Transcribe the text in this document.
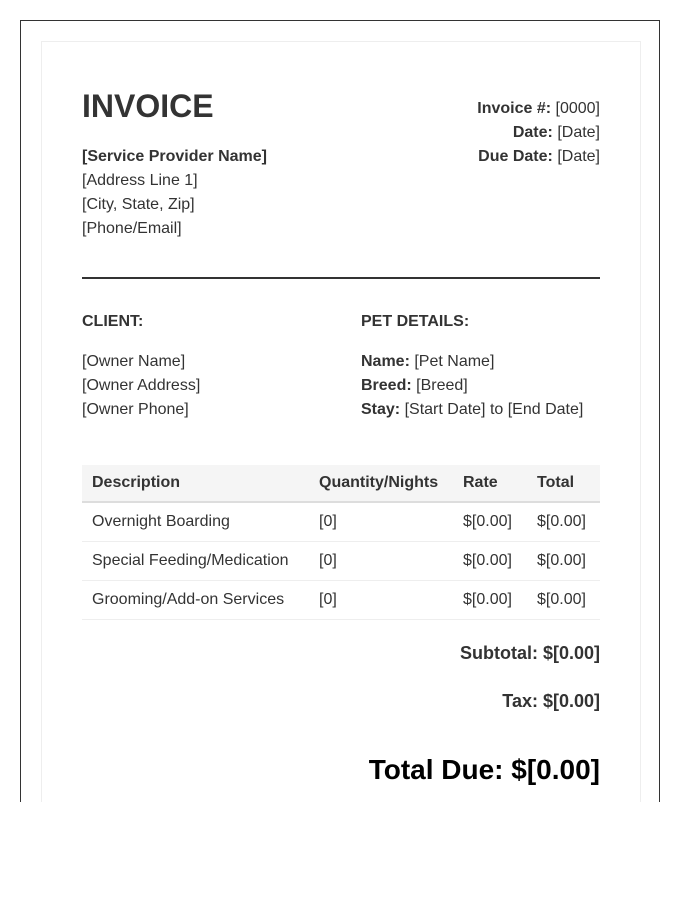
INVOICE
[Service Provider Name]
[Address Line 1]
[City, State, Zip]
[Phone/Email]
Invoice #: [0000]
Date: [Date]
Due Date: [Date]
CLIENT:
[Owner Name]
[Owner Address]
[Owner Phone]
PET DETAILS:
Name: [Pet Name]
Breed: [Breed]
Stay: [Start Date] to [End Date]
Description	Quantity/Nights	Rate	Total
Overnight Boarding	[0]	$[0.00]	$[0.00]
Special Feeding/Medication	[0]	$[0.00]	$[0.00]
Grooming/Add-on Services	[0]	$[0.00]	$[0.00]
Subtotal: $[0.00]
Tax: $[0.00]
Total Due: $[0.00]
